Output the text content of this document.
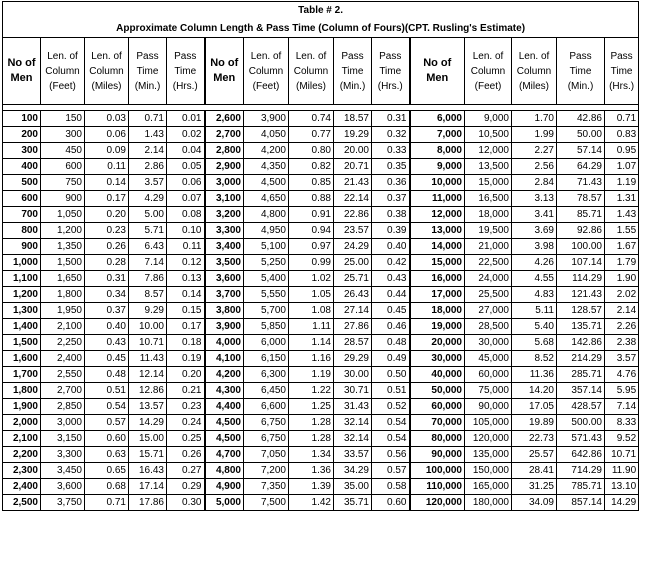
Table # 2.														
Approximate Column Length & Pass Time (Column of Fours)(CPT. Rusling's Estimate)														
No of
Men	Len. of
Column
(Feet)	Len. of
Column
(Miles)	Pass
Time
(Min.)	Pass
Time
(Hrs.)	No of
Men	Len. of
Column
(Feet)	Len. of
Column
(Miles)	Pass
Time
(Min.)	Pass
Time
(Hrs.)	No of
Men	Len. of
Column
(Feet)	Len. of
Column
(Miles)	Pass
Time
(Min.)	Pass
Time
(Hrs.)

100	150	0.03	0.71	0.01	2,600	3,900	0.74	18.57	0.31	6,000	9,000	1.70	42.86	0.71
200	300	0.06	1.43	0.02	2,700	4,050	0.77	19.29	0.32	7,000	10,500	1.99	50.00	0.83
300	450	0.09	2.14	0.04	2,800	4,200	0.80	20.00	0.33	8,000	12,000	2.27	57.14	0.95
400	600	0.11	2.86	0.05	2,900	4,350	0.82	20.71	0.35	9,000	13,500	2.56	64.29	1.07
500	750	0.14	3.57	0.06	3,000	4,500	0.85	21.43	0.36	10,000	15,000	2.84	71.43	1.19
600	900	0.17	4.29	0.07	3,100	4,650	0.88	22.14	0.37	11,000	16,500	3.13	78.57	1.31
700	1,050	0.20	5.00	0.08	3,200	4,800	0.91	22.86	0.38	12,000	18,000	3.41	85.71	1.43
800	1,200	0.23	5.71	0.10	3,300	4,950	0.94	23.57	0.39	13,000	19,500	3.69	92.86	1.55
900	1,350	0.26	6.43	0.11	3,400	5,100	0.97	24.29	0.40	14,000	21,000	3.98	100.00	1.67
1,000	1,500	0.28	7.14	0.12	3,500	5,250	0.99	25.00	0.42	15,000	22,500	4.26	107.14	1.79
1,100	1,650	0.31	7.86	0.13	3,600	5,400	1.02	25.71	0.43	16,000	24,000	4.55	114.29	1.90
1,200	1,800	0.34	8.57	0.14	3,700	5,550	1.05	26.43	0.44	17,000	25,500	4.83	121.43	2.02
1,300	1,950	0.37	9.29	0.15	3,800	5,700	1.08	27.14	0.45	18,000	27,000	5.11	128.57	2.14
1,400	2,100	0.40	10.00	0.17	3,900	5,850	1.11	27.86	0.46	19,000	28,500	5.40	135.71	2.26
1,500	2,250	0.43	10.71	0.18	4,000	6,000	1.14	28.57	0.48	20,000	30,000	5.68	142.86	2.38
1,600	2,400	0.45	11.43	0.19	4,100	6,150	1.16	29.29	0.49	30,000	45,000	8.52	214.29	3.57
1,700	2,550	0.48	12.14	0.20	4,200	6,300	1.19	30.00	0.50	40,000	60,000	11.36	285.71	4.76
1,800	2,700	0.51	12.86	0.21	4,300	6,450	1.22	30.71	0.51	50,000	75,000	14.20	357.14	5.95
1,900	2,850	0.54	13.57	0.23	4,400	6,600	1.25	31.43	0.52	60,000	90,000	17.05	428.57	7.14
2,000	3,000	0.57	14.29	0.24	4,500	6,750	1.28	32.14	0.54	70,000	105,000	19.89	500.00	8.33
2,100	3,150	0.60	15.00	0.25	4,500	6,750	1.28	32.14	0.54	80,000	120,000	22.73	571.43	9.52
2,200	3,300	0.63	15.71	0.26	4,700	7,050	1.34	33.57	0.56	90,000	135,000	25.57	642.86	10.71
2,300	3,450	0.65	16.43	0.27	4,800	7,200	1.36	34.29	0.57	100,000	150,000	28.41	714.29	11.90
2,400	3,600	0.68	17.14	0.29	4,900	7,350	1.39	35.00	0.58	110,000	165,000	31.25	785.71	13.10
2,500	3,750	0.71	17.86	0.30	5,000	7,500	1.42	35.71	0.60	120,000	180,000	34.09	857.14	14.29
